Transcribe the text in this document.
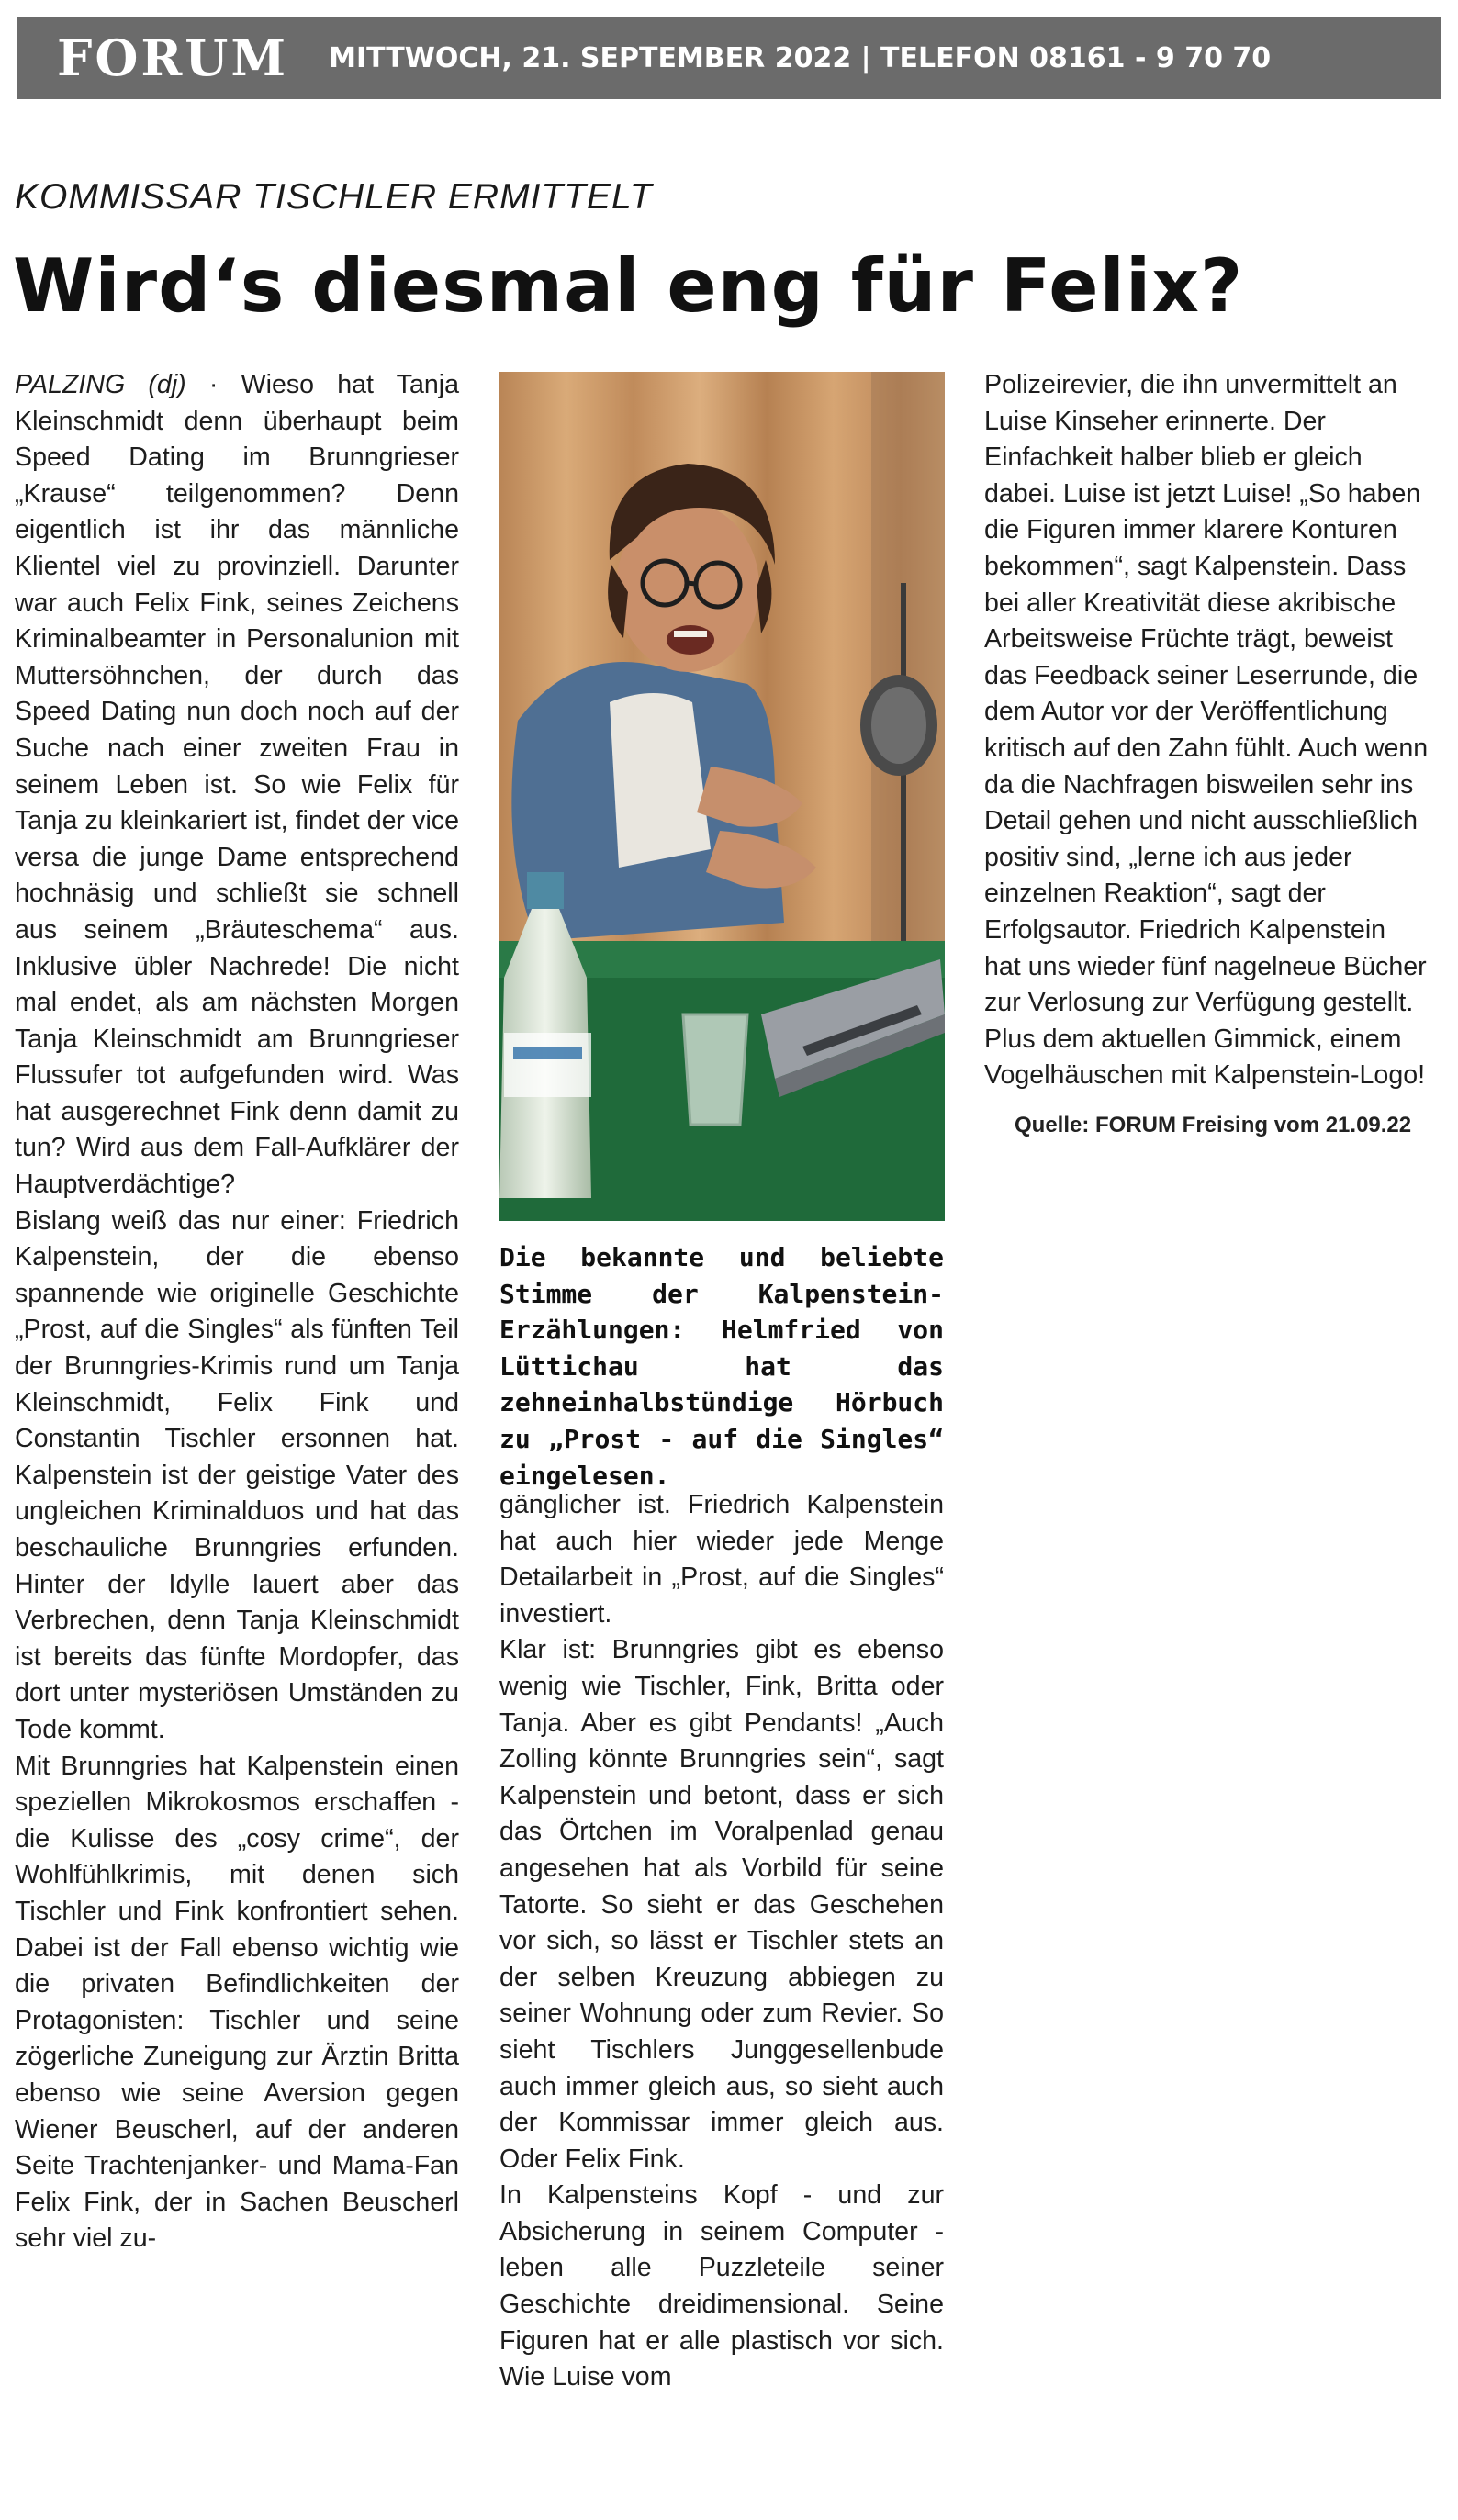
FORUM MITTWOCH, 21. SEPTEMBER 2022 | TELEFON 08161 - 9 70 70
KOMMISSAR TISCHLER ERMITTELT
Wird‘s diesmal eng für Felix?

PALZING (dj) · Wieso hat Tanja Kleinschmidt denn überhaupt beim Speed Dating im Brunngrieser „Krause“ teilgenommen? Denn eigentlich ist ihr das männliche Klientel viel zu provinziell. Darunter war auch Felix Fink, seines Zeichens Kriminalbeamter in Personalunion mit Muttersöhnchen, der durch das Speed Dating nun doch noch auf der Suche nach einer zweiten Frau in seinem Leben ist. So wie Felix für Tanja zu kleinkariert ist, findet der vice versa die junge Dame entsprechend hochnäsig und schließt sie schnell aus seinem „Bräuteschema“ aus. Inklusive übler Nachrede! Die nicht mal endet, als am nächsten Morgen Tanja Kleinschmidt am Brunngrieser Flussufer tot aufgefunden wird. Was hat ausgerechnet Fink denn damit zu tun? Wird aus dem Fall-Aufklärer der Hauptverdächtige?

Bislang weiß das nur einer: Friedrich Kalpenstein, der die ebenso spannende wie originelle Geschichte „Prost, auf die Singles“ als fünften Teil der Brunngries-Krimis rund um Tanja Kleinschmidt, Felix Fink und Constantin Tischler ersonnen hat. Kalpenstein ist der geistige Vater des ungleichen Kriminalduos und hat das beschauliche Brunngries erfunden. Hinter der Idylle lauert aber das Verbrechen, denn Tanja Kleinschmidt ist bereits das fünfte Mordopfer, das dort unter mysteriösen Umständen zu Tode kommt.

Mit Brunngries hat Kalpenstein einen speziellen Mikrokosmos erschaffen - die Kulisse des „cosy crime“, der Wohlfühlkrimis, mit denen sich Tischler und Fink konfrontiert sehen. Dabei ist der Fall ebenso wichtig wie die privaten Befindlichkeiten der Protagonisten: Tischler und seine zögerliche Zuneigung zur Ärztin Britta ebenso wie seine Aversion gegen Wiener Beuscherl, auf der anderen Seite Trachtenjanker- und Mama-Fan Felix Fink, der in Sachen Beuscherl sehr viel zu-

Die bekannte und beliebte Stimme der Kalpenstein-Erzählungen: Helmfried von Lüttichau hat das zehneinhalbstündige Hörbuch zu „Prost - auf die Singles“ eingelesen.

gänglicher ist. Friedrich Kalpenstein hat auch hier wieder jede Menge Detailarbeit in „Prost, auf die Singles“ investiert.

Klar ist: Brunngries gibt es ebenso wenig wie Tischler, Fink, Britta oder Tanja. Aber es gibt Pendants! „Auch Zolling könnte Brunngries sein“, sagt Kalpenstein und betont, dass er sich das Örtchen im Voralpenlad genau angesehen hat als Vorbild für seine Tatorte. So sieht er das Geschehen vor sich, so lässt er Tischler stets an der selben Kreuzung abbiegen zu seiner Wohnung oder zum Revier. So sieht Tischlers Junggesellenbude auch immer gleich aus, so sieht auch der Kommissar immer gleich aus. Oder Felix Fink.

In Kalpensteins Kopf - und zur Absicherung in seinem Computer - leben alle Puzzleteile seiner Geschichte dreidimensional. Seine Figuren hat er alle plastisch vor sich. Wie Luise vom

Polizeirevier, die ihn unvermittelt an Luise Kinseher erinnerte. Der Einfachkeit halber blieb er gleich dabei. Luise ist jetzt Luise! „So haben die Figuren immer klarere Konturen bekommen“, sagt Kalpenstein. Dass bei aller Kreativität diese akribische Arbeitsweise Früchte trägt, beweist das Feedback seiner Leserrunde, die dem Autor vor der Veröffentlichung kritisch auf den Zahn fühlt. Auch wenn da die Nachfragen bisweilen sehr ins Detail gehen und nicht ausschließlich positiv sind, „lerne ich aus jeder einzelnen Reaktion“, sagt der Erfolgsautor. Friedrich Kalpenstein hat uns wieder fünf nagelneue Bücher zur Verlosung zur Verfügung gestellt. Plus dem aktuellen Gimmick, einem Vogelhäuschen mit Kalpenstein-Logo!

Quelle: FORUM Freising vom 21.09.22
